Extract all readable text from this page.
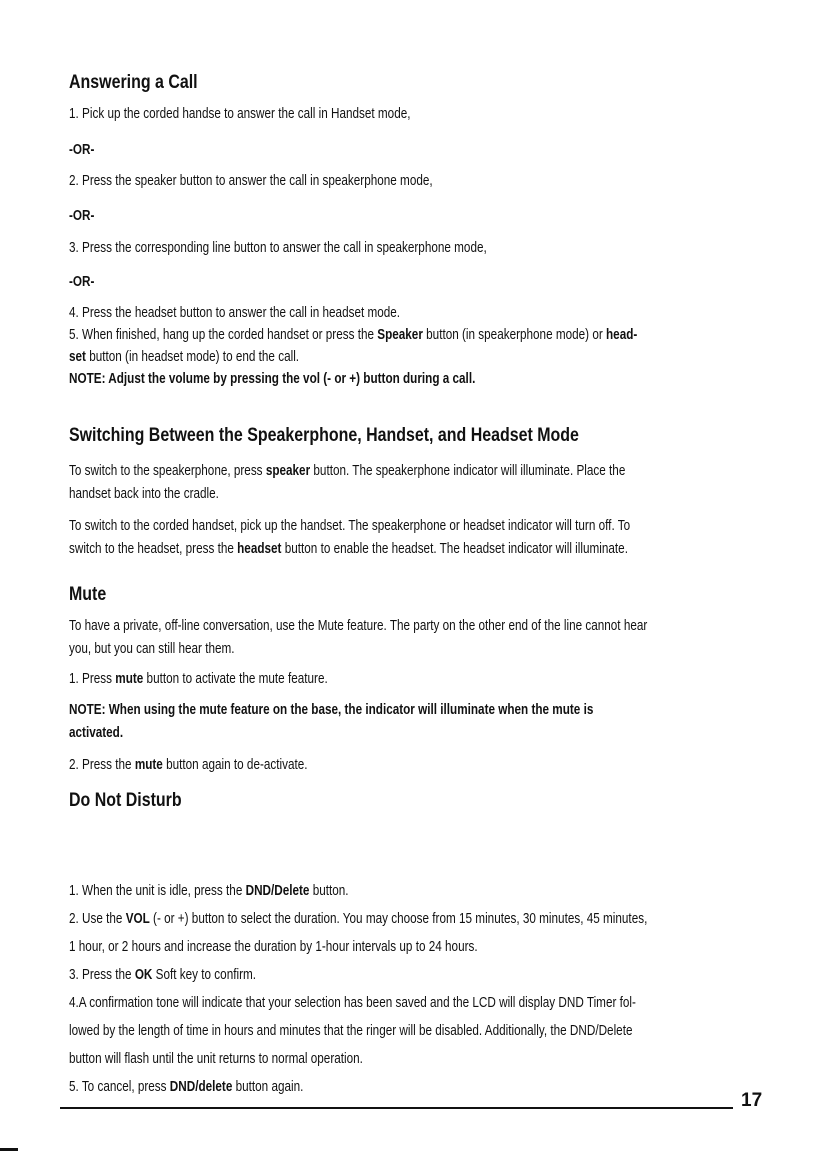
Answering a Call

1. Pick up the corded handse to answer the call in Handset mode,

-OR-

2. Press the speaker button to answer the call in speakerphone mode,

-OR-

3. Press the corresponding line button to answer the call in speakerphone mode,

-OR-

4. Press the headset button to answer the call in headset mode.

5. When finished, hang up the corded handset or press the Speaker button (in speakerphone mode) or head-

set button (in headset mode) to end the call.

NOTE: Adjust the volume by pressing the vol (- or +) button during a call.

Switching Between the Speakerphone, Handset, and Headset Mode

To switch to the speakerphone, press speaker button. The speakerphone indicator will illuminate. Place the

handset back into the cradle.

To switch to the corded handset, pick up the handset. The speakerphone or headset indicator will turn off. To

switch to the headset, press the headset button to enable the headset. The headset indicator will illuminate.

Mute

To have a private, off-line conversation, use the Mute feature. The party on the other end of the line cannot hear

you, but you can still hear them.

1. Press mute button to activate the mute feature.

NOTE: When using the mute feature on the base, the indicator will illuminate when the mute is

activated.

2. Press the mute button again to de-activate.

Do Not Disturb

1. When the unit is idle, press the DND/Delete button.

2. Use the VOL (- or +) button to select the duration. You may choose from 15 minutes, 30 minutes, 45 minutes,

1 hour, or 2 hours and increase the duration by 1-hour intervals up to 24 hours.

3. Press the OK Soft key to confirm.

4.A confirmation tone will indicate that your selection has been saved and the LCD will display DND Timer fol-

lowed by the length of time in hours and minutes that the ringer will be disabled. Additionally, the DND/Delete

button will flash until the unit returns to normal operation.

5. To cancel, press DND/delete button again.

17
